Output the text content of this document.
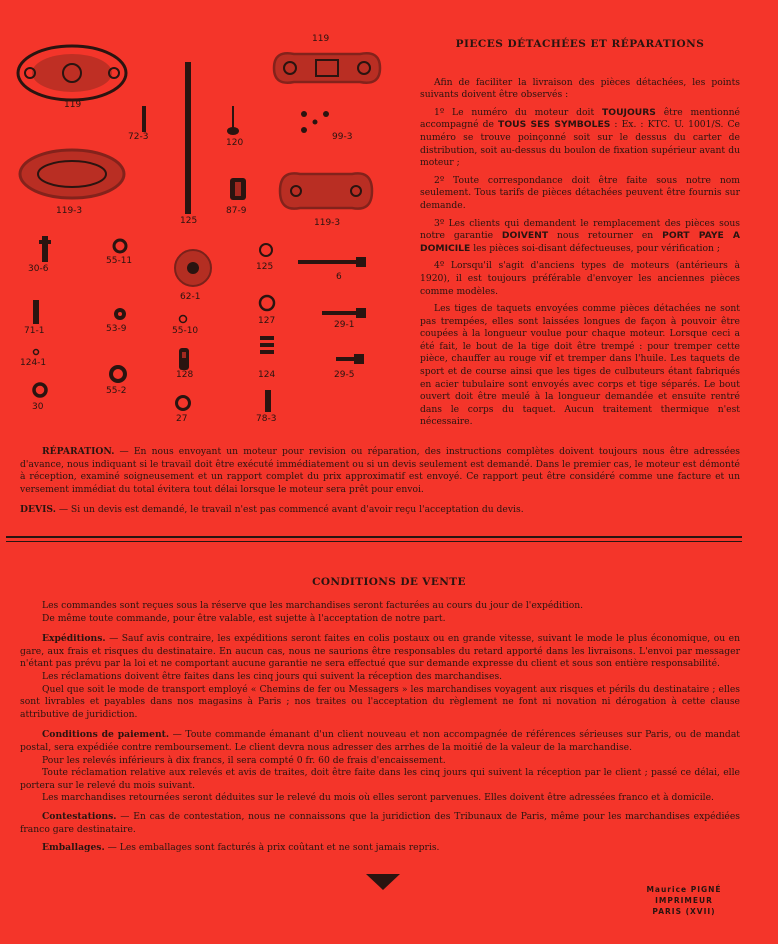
119
119
72-3
120
99-3
119-3
125
87-9
119-3
30-6
55-11
62-1
125
6
71-1	53-9	55-10
127	29-1
124-1
128	124	29-5
30
55-2
27	78-3
PIECES DÉTACHÉES ET RÉPARATIONS

Afin de faciliter la livraison des pièces détachées, les points suivants doivent être observés :

1º Le numéro du moteur doit TOUJOURS être mentionné accompagné de TOUS SES SYMBOLES : Ex. : KTC. U. 1001/S. Ce numéro se trouve poinçonné soit sur le dessus du carter de distribution, soit au-dessus du boulon de fixation supérieur avant du moteur ;

2º Toute correspondance doit être faite sous notre nom seulement. Tous tarifs de pièces détachées peuvent être fournis sur demande.

3º Les clients qui demandent le remplacement des pièces sous notre garantie DOIVENT nous retourner en PORT PAYE A DOMICILE les pièces soi-disant défectueuses, pour vérification ;

4º Lorsqu'il s'agit d'anciens types de moteurs (antérieurs à 1920), il est toujours préférable d'envoyer les anciennes pièces comme modèles.

Les tiges de taquets envoyées comme pièces détachées ne sont pas trempées, elles sont laissées longues de façon à pouvoir être coupées à la longueur voulue pour chaque moteur. Lorsque ceci a été fait, le bout de la tige doit être trempé : pour tremper cette pièce, chauffer au rouge vif et tremper dans l'huile. Les taquets de sport et de course ainsi que les tiges de culbuteurs étant fabriqués en acier tubulaire sont envoyés avec corps et tige séparés. Le bout ouvert doit être meulé à la longueur demandée et ensuite rentré dans le corps du taquet. Aucun traitement thermique n'est nécessaire.

RÉPARATION. — En nous envoyant un moteur pour revision ou réparation, des instructions complètes doivent toujours nous être adressées d'avance, nous indiquant si le travail doit être exécuté immédiatement ou si un devis seulement est demandé. Dans le premier cas, le moteur est démonté à réception, examiné soigneusement et un rapport complet du prix approximatif est envoyé. Ce rapport peut être considéré comme une facture et un versement immédiat du total évitera tout délai lorsque le moteur sera prêt pour envoi.

DEVIS. — Si un devis est demandé, le travail n'est pas commencé avant d'avoir reçu l'acceptation du devis.

CONDITIONS DE VENTE

Les commandes sont reçues sous la réserve que les marchandises seront facturées au cours du jour de l'expédition.

De même toute commande, pour être valable, est sujette à l'acceptation de notre part.

Expéditions. — Sauf avis contraire, les expéditions seront faites en colis postaux ou en grande vitesse, suivant le mode le plus économique, ou en gare, aux frais et risques du destinataire. En aucun cas, nous ne saurions être responsables du retard apporté dans les livraisons. L'envoi par messager n'étant pas prévu par la loi et ne comportant aucune garantie ne sera effectué que sur demande expresse du client et sous son entière responsabilité.

Les réclamations doivent être faites dans les cinq jours qui suivent la réception des marchandises.

Quel que soit le mode de transport employé « Chemins de fer ou Messagers » les marchandises voyagent aux risques et périls du destinataire ; elles sont livrables et payables dans nos magasins à Paris ; nos traites ou l'acceptation du règlement ne font ni novation ni dérogation à cette clause attributive de juridiction.

Conditions de paiement. — Toute commande émanant d'un client nouveau et non accompagnée de références sérieuses sur Paris, ou de mandat postal, sera expédiée contre remboursement. Le client devra nous adresser des arrhes de la moitié de la valeur de la marchandise.

Pour les relevés inférieurs à dix francs, il sera compté 0 fr. 60 de frais d'encaissement.

Toute réclamation relative aux relevés et avis de traites, doit être faite dans les cinq jours qui suivent la réception par le client ; passé ce délai, elle portera sur le relevé du mois suivant.

Les marchandises retournées seront déduites sur le relevé du mois où elles seront parvenues. Elles doivent être adressées franco et à domicile.

Contestations. — En cas de contestation, nous ne connaissons que la juridiction des Tribunaux de Paris, même pour les marchandises expédiées franco gare destinataire.

Emballages. — Les emballages sont facturés à prix coûtant et ne sont jamais repris.

Maurice PIGNÉ
IMPRIMEUR
PARIS (XVII)
